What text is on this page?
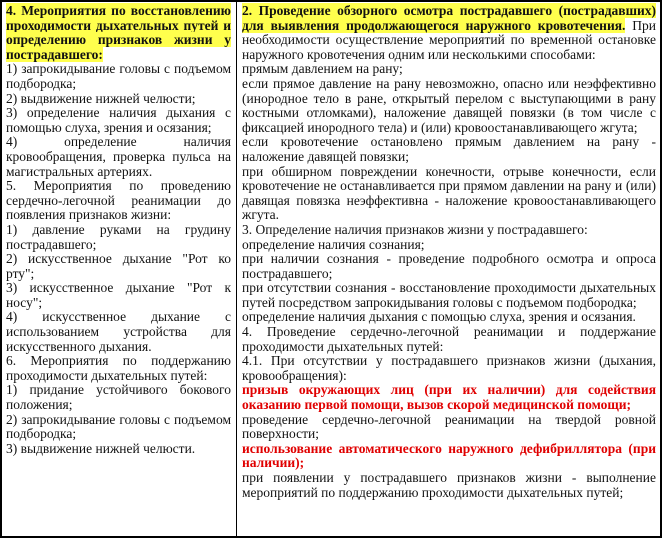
4. Мероприятия по восстановлению проходимости дыхательных путей и определению признаков жизни у пострадавшего:

1) запрокидывание головы с подъемом подбородка;

2) выдвижение нижней челюсти;

3) определение наличия дыхания с помощью слуха, зрения и осязания;

4) определение наличия кровообращения, проверка пульса на магистральных артериях.

5. Мероприятия по проведению сердечно-легочной реанимации до появления признаков жизни:

1) давление руками на грудину пострадавшего;

2) искусственное дыхание "Рот ко рту";

3) искусственное дыхание "Рот к носу";

4) искусственное дыхание с использованием устройства для искусственного дыхания.

6. Мероприятия по поддержанию проходимости дыхательных путей:

1) придание устойчивого бокового положения;

2) запрокидывание головы с подъемом подбородка;

3) выдвижение нижней челюсти.

2. Проведение обзорного осмотра пострадавшего (пострадавших) для выявления продолжающегося наружного кровотечения. При необходимости осуществление мероприятий по временной остановке наружного кровотечения одним или несколькими способами:

прямым давлением на рану;

если прямое давление на рану невозможно, опасно или неэффективно (инородное тело в ране, открытый перелом с выступающими в рану костными отломками), наложение давящей повязки (в том числе с фиксацией инородного тела) и (или) кровоостанавливающего жгута;

если кровотечение остановлено прямым давлением на рану - наложение давящей повязки;

при обширном повреждении конечности, отрыве конечности, если кровотечение не останавливается при прямом давлении на рану и (или) давящая повязка неэффективна - наложение кровоостанавливающего жгута.

3. Определение наличия признаков жизни у пострадавшего:

определение наличия сознания;

при наличии сознания - проведение подробного осмотра и опроса пострадавшего;

при отсутствии сознания - восстановление проходимости дыхательных путей посредством запрокидывания головы с подъемом подбородка;

определение наличия дыхания с помощью слуха, зрения и осязания.

4. Проведение сердечно-легочной реанимации и поддержание проходимости дыхательных путей:

4.1. При отсутствии у пострадавшего признаков жизни (дыхания, кровообращения):

призыв окружающих лиц (при их наличии) для содействия оказанию первой помощи, вызов скорой медицинской помощи;

проведение сердечно-легочной реанимации на твердой ровной поверхности;

использование автоматического наружного дефибриллятора (при наличии);

при появлении у пострадавшего признаков жизни - выполнение мероприятий по поддержанию проходимости дыхательных путей;
